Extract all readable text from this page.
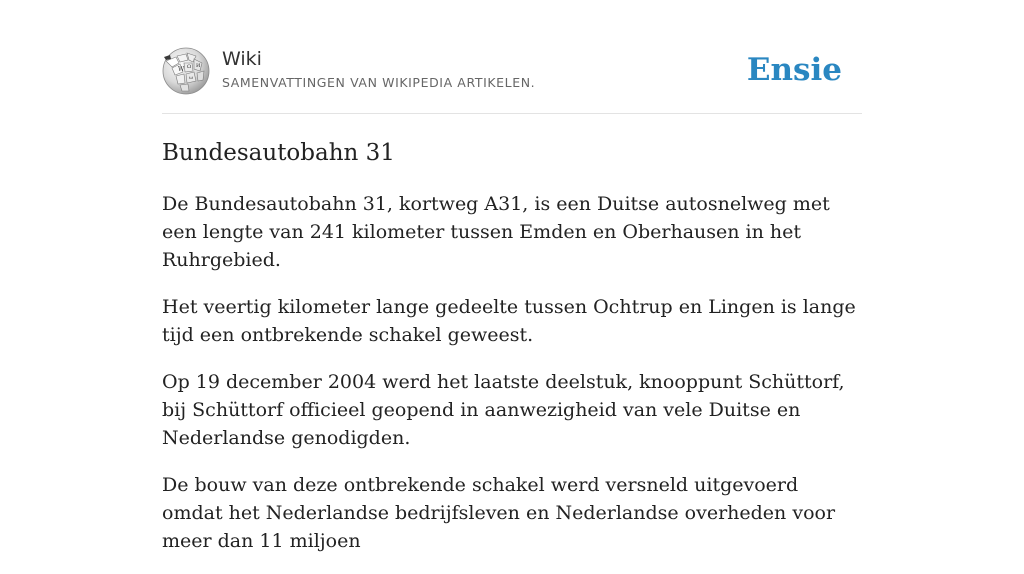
W Ω И
ω
Wiki
SAMENVATTINGEN VAN WIKIPEDIA ARTIKELEN.	Ensie
Bundesautobahn 31

De Bundesautobahn 31, kortweg A31, is een Duitse autosnelweg met een lengte van 241 kilometer tussen Emden en Oberhausen in het Ruhrgebied.

Het veertig kilometer lange gedeelte tussen Ochtrup en Lingen is lange tijd een ontbrekende schakel geweest.

Op 19 december 2004 werd het laatste deelstuk, knooppunt Schüttorf, bij Schüttorf officieel geopend in aanwezigheid van vele Duitse en Nederlandse genodigden.

De bouw van deze ontbrekende schakel werd versneld uitgevoerd omdat het Nederlandse bedrijfsleven en Nederlandse overheden voor meer dan 11 miljoen
